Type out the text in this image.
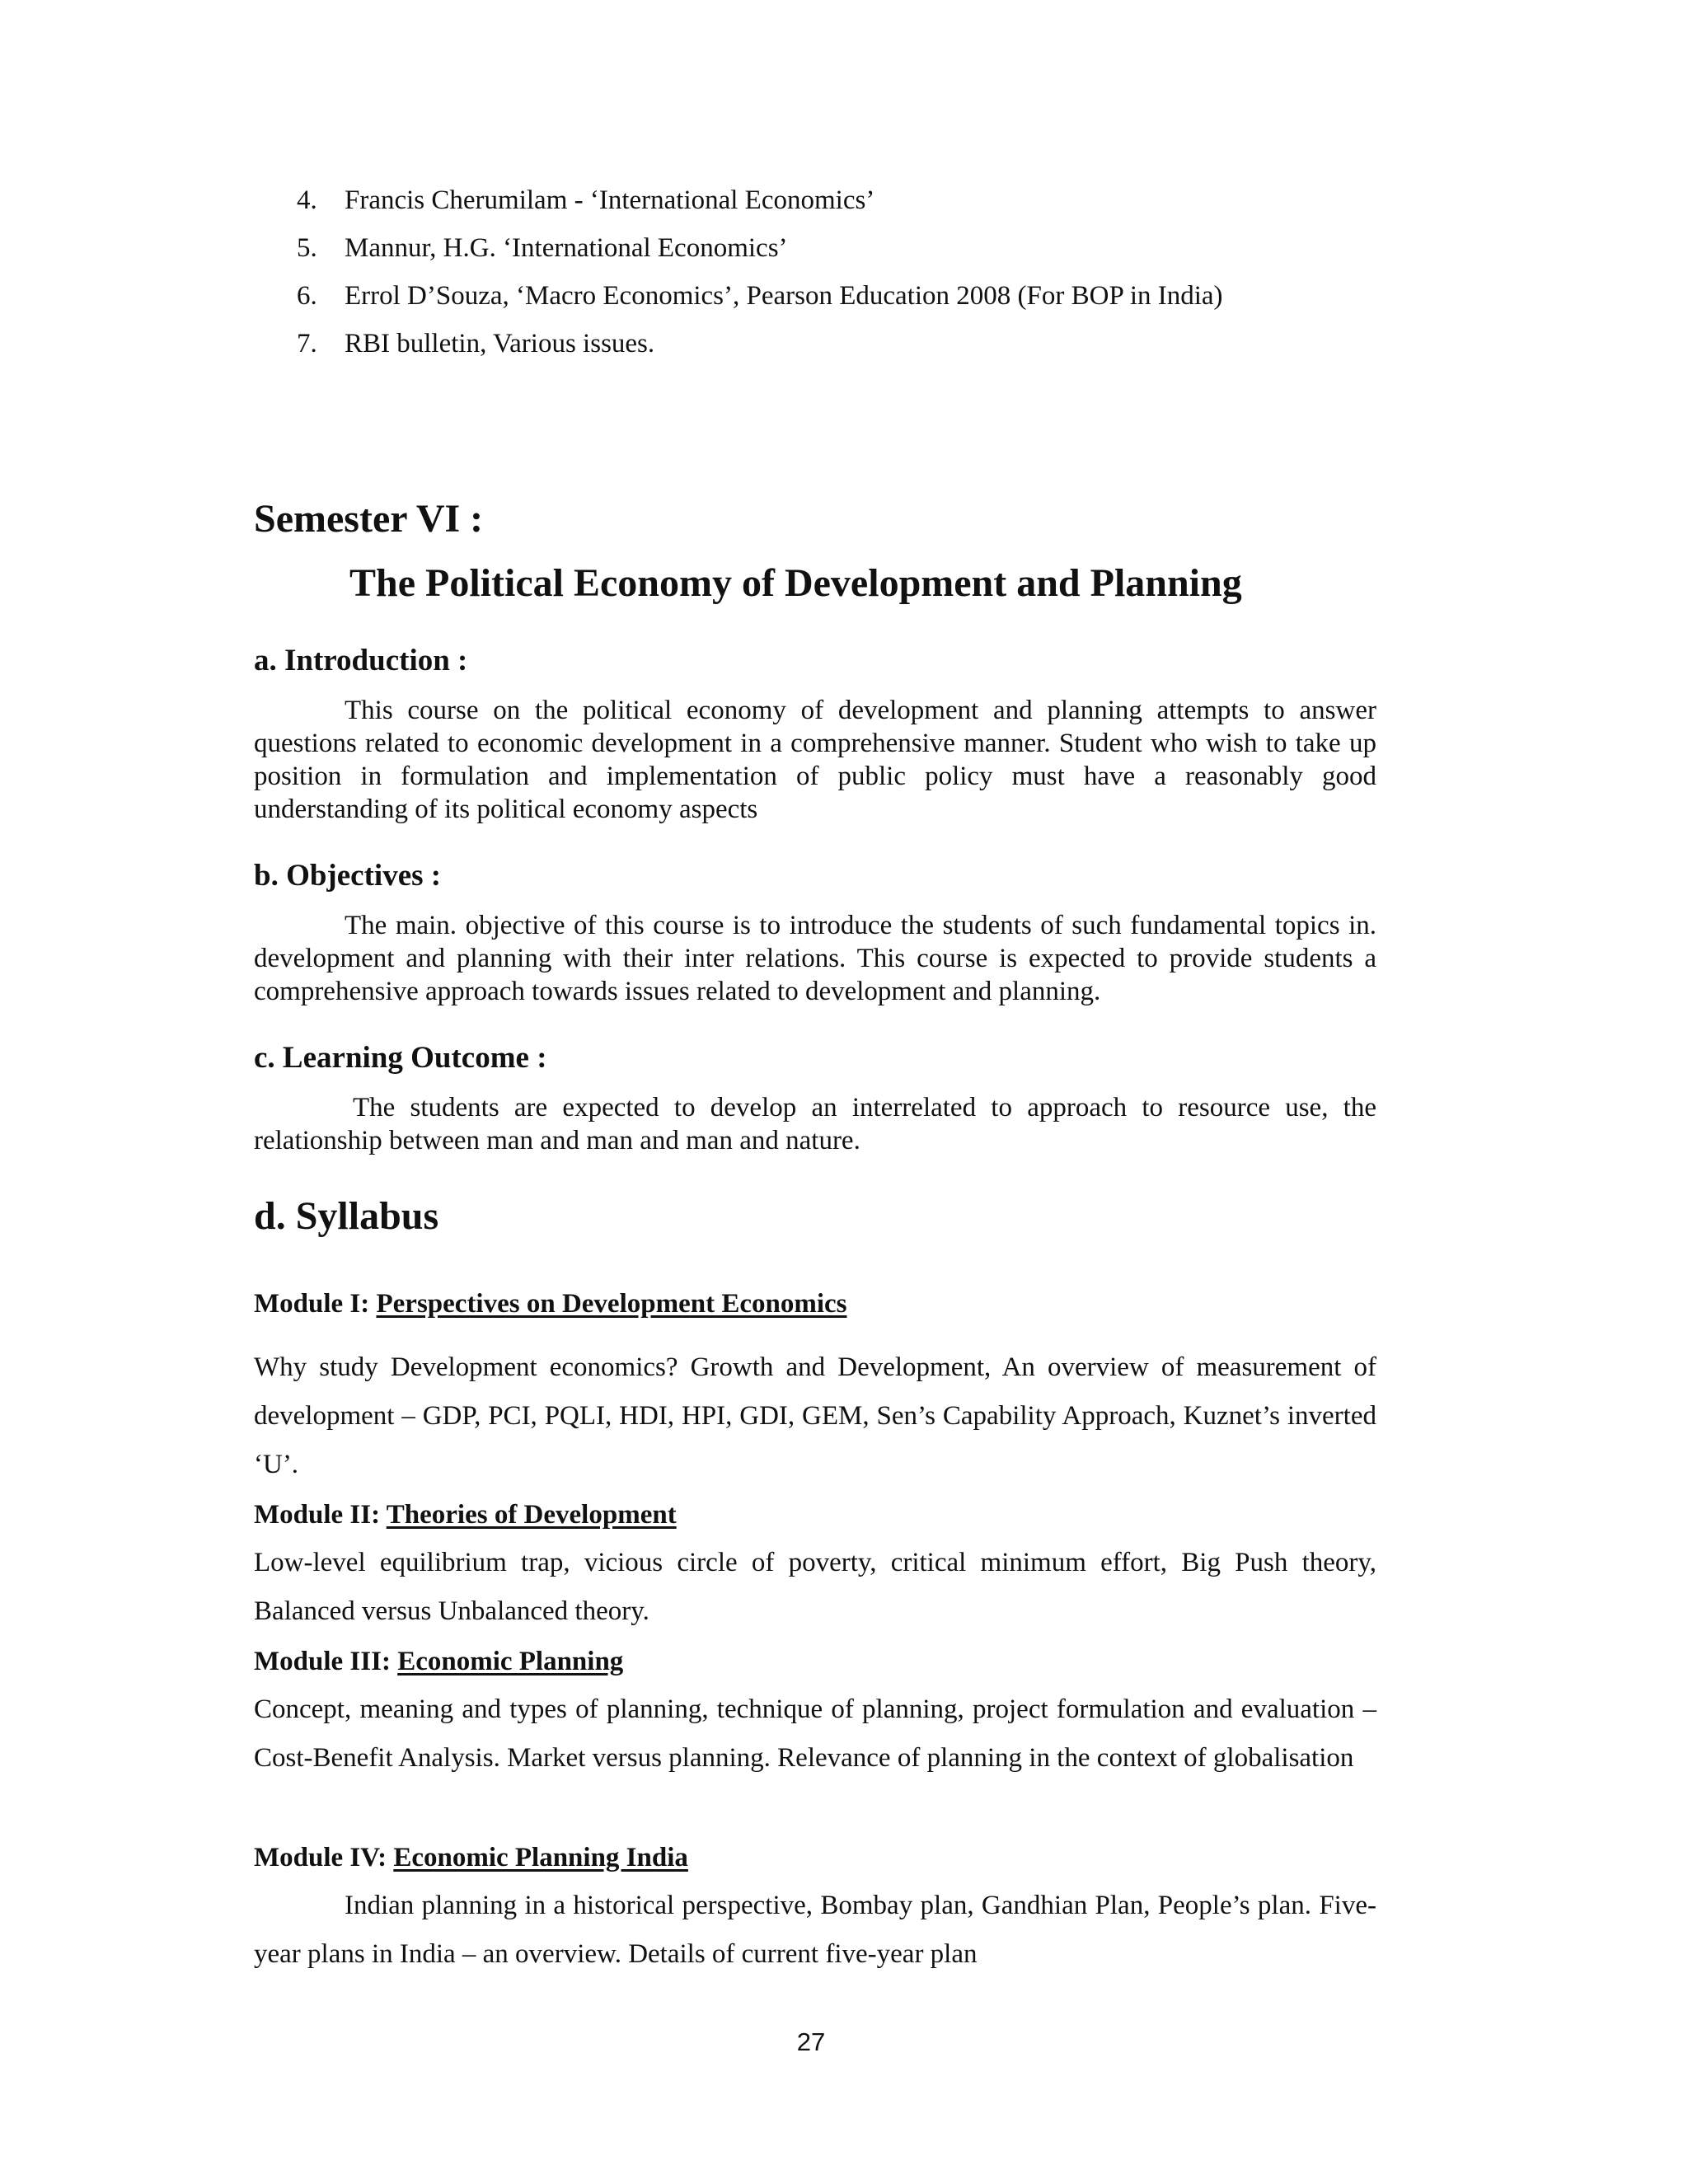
4. Francis Cherumilam - ‘International Economics’
5. Mannur, H.G. ‘International Economics’
6. Errol D’Souza, ‘Macro Economics’, Pearson Education 2008 (For BOP in India)
7. RBI bulletin, Various issues.
Semester VI :
The Political Economy of Development and Planning
a. Introduction :

This course on the political economy of development and planning attempts to answer questions related to economic development in a comprehensive manner. Student who wish to take up position in formulation and implementation of public policy must have a reasonably good understanding of its political economy aspects

b. Objectives :

The main. objective of this course is to introduce the students of such fundamental topics in. development and planning with their inter relations. This course is expected to provide students a comprehensive approach towards issues related to development and planning.

c. Learning Outcome :

The students are expected to develop an interrelated to approach to resource use, the relationship between man and man and man and nature.

d. Syllabus
Module I: Perspectives on Development Economics

Why study Development economics? Growth and Development, An overview of measurement of development – GDP, PCI, PQLI, HDI, HPI, GDI, GEM, Sen’s Capability Approach, Kuznet’s inverted ‘U’.

Module II: Theories of Development

Low-level equilibrium trap, vicious circle of poverty, critical minimum effort, Big Push theory, Balanced versus Unbalanced theory.

Module III: Economic Planning

Concept, meaning and types of planning, technique of planning, project formulation and evaluation – Cost-Benefit Analysis. Market versus planning. Relevance of planning in the context of globalisation

Module IV: Economic Planning India

Indian planning in a historical perspective, Bombay plan, Gandhian Plan, People’s plan. Five-year plans in India – an overview. Details of current five-year plan

27
